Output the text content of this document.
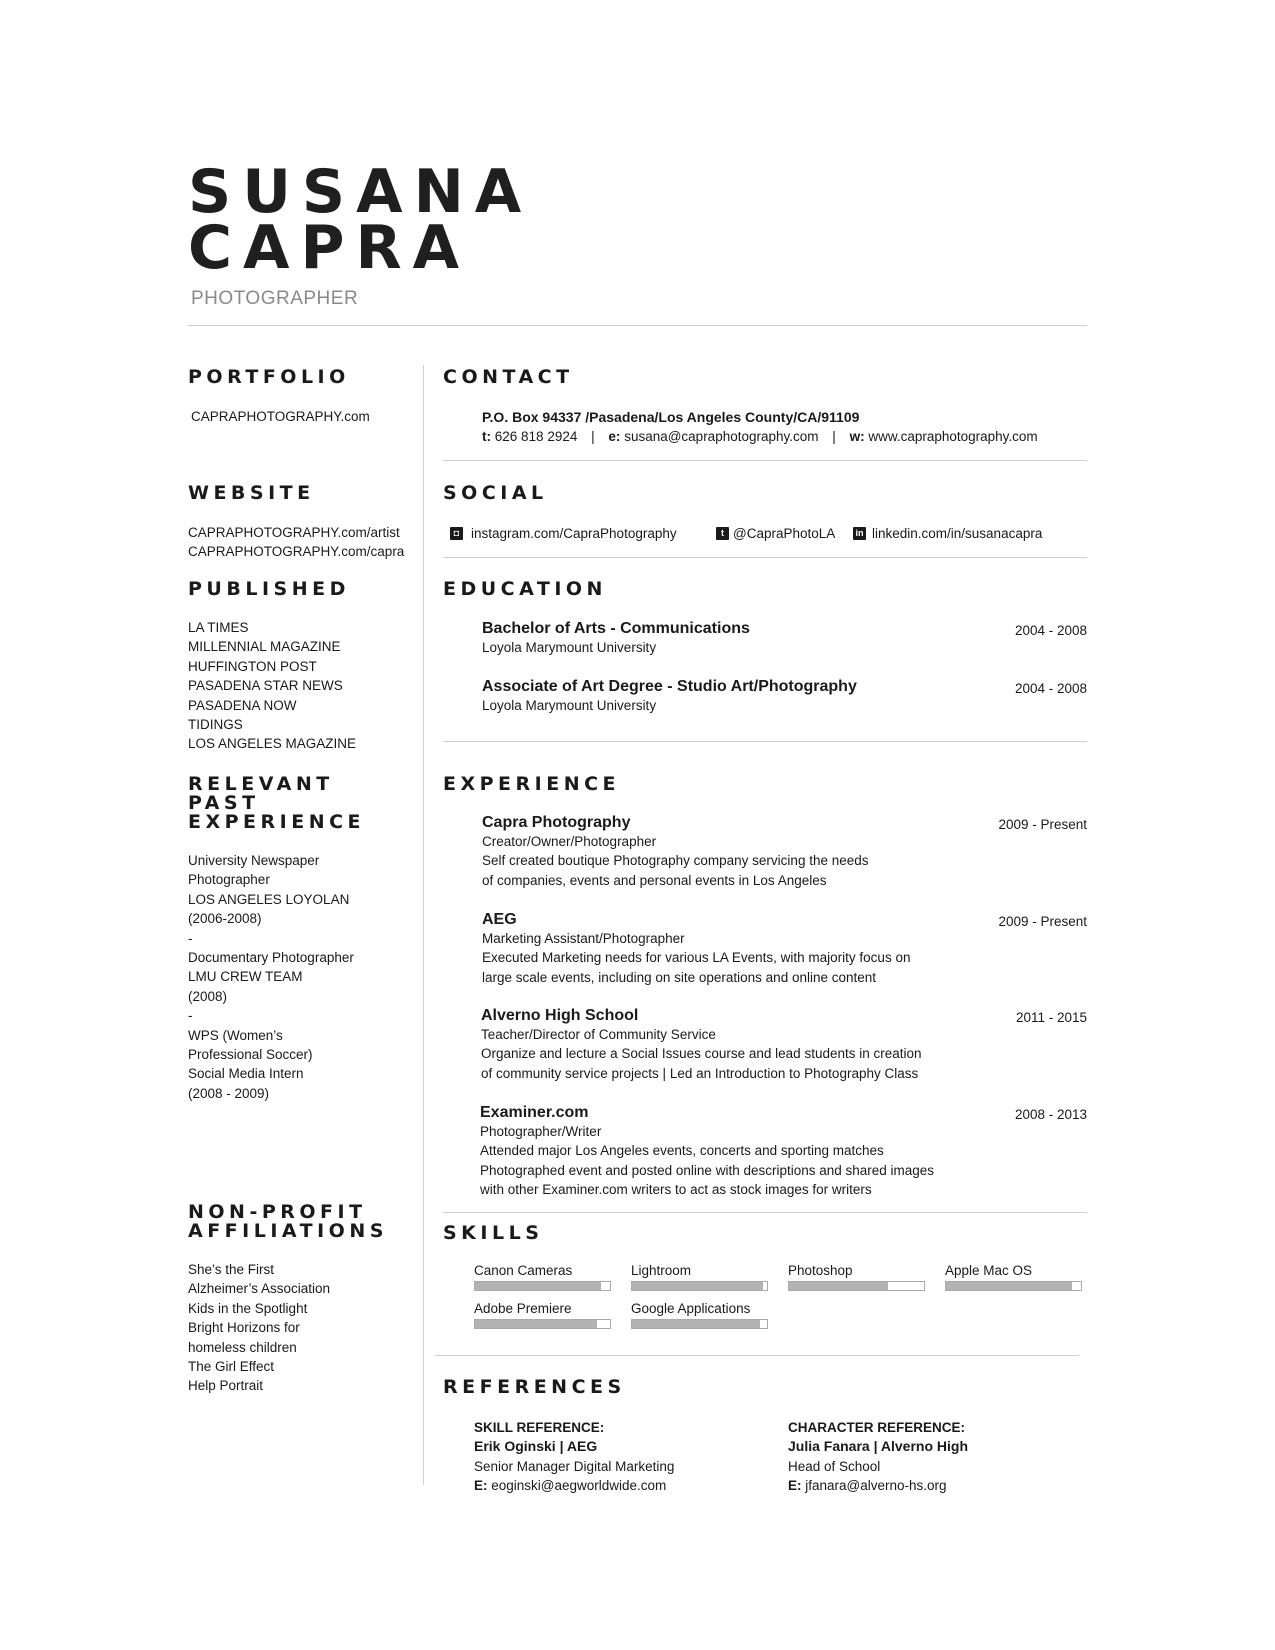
SUSANA
CAPRA
PHOTOGRAPHER
PORTFOLIO
CAPRAPHOTOGRAPHY.com
WEBSITE
CAPRAPHOTOGRAPHY.com/artist
CAPRAPHOTOGRAPHY.com/capra
PUBLISHED
LA TIMES
MILLENNIAL MAGAZINE
HUFFINGTON POST
PASADENA STAR NEWS
PASADENA NOW
TIDINGS
LOS ANGELES MAGAZINE
RELEVANT
PAST
EXPERIENCE
University Newspaper
Photographer
LOS ANGELES LOYOLAN
(2006-2008)
-
Documentary Photographer
LMU CREW TEAM
(2008)
-
WPS (Women’s
Professional Soccer)
Social Media Intern
(2008 - 2009)
NON-PROFIT
AFFILIATIONS
She’s the First
Alzheimer’s Association
Kids in the Spotlight
Bright Horizons for
homeless children
The Girl Effect
Help Portrait
CONTACT
P.O. Box 94337 /Pasadena/Los Angeles County/CA/91109
t: 626 818 2924 | e: susana@capraphotography.com | w: www.capraphotography.com
SOCIAL
◘ instagram.com/CapraPhotography	t @CapraPhotoLA in linkedin.com/in/susanacapra
EDUCATION
Bachelor of Arts - Communications
Loyola Marymount University
2004 - 2008
Associate of Art Degree - Studio Art/Photography
Loyola Marymount University
2004 - 2008
EXPERIENCE
Capra Photography
Creator/Owner/Photographer
Self created boutique Photography company servicing the needs
of companies, events and personal events in Los Angeles
2009 - Present
AEG
Marketing Assistant/Photographer
Executed Marketing needs for various LA Events, with majority focus on
large scale events, including on site operations and online content
2009 - Present
Alverno High School
Teacher/Director of Community Service
Organize and lecture a Social Issues course and lead students in creation
of community service projects | Led an Introduction to Photography Class
2011 - 2015
Examiner.com
Photographer/Writer
Attended major Los Angeles events, concerts and sporting matches
Photographed event and posted online with descriptions and shared images
with other Examiner.com writers to act as stock images for writers
2008 - 2013
SKILLS
Canon Cameras	Lightroom	Photoshop	Apple Mac OS
Adobe Premiere	Google Applications
REFERENCES
SKILL REFERENCE:
Erik Oginski | AEG
Senior Manager Digital Marketing
E: eoginski@aegworldwide.com
CHARACTER REFERENCE:
Julia Fanara | Alverno High
Head of School
E: jfanara@alverno-hs.org
